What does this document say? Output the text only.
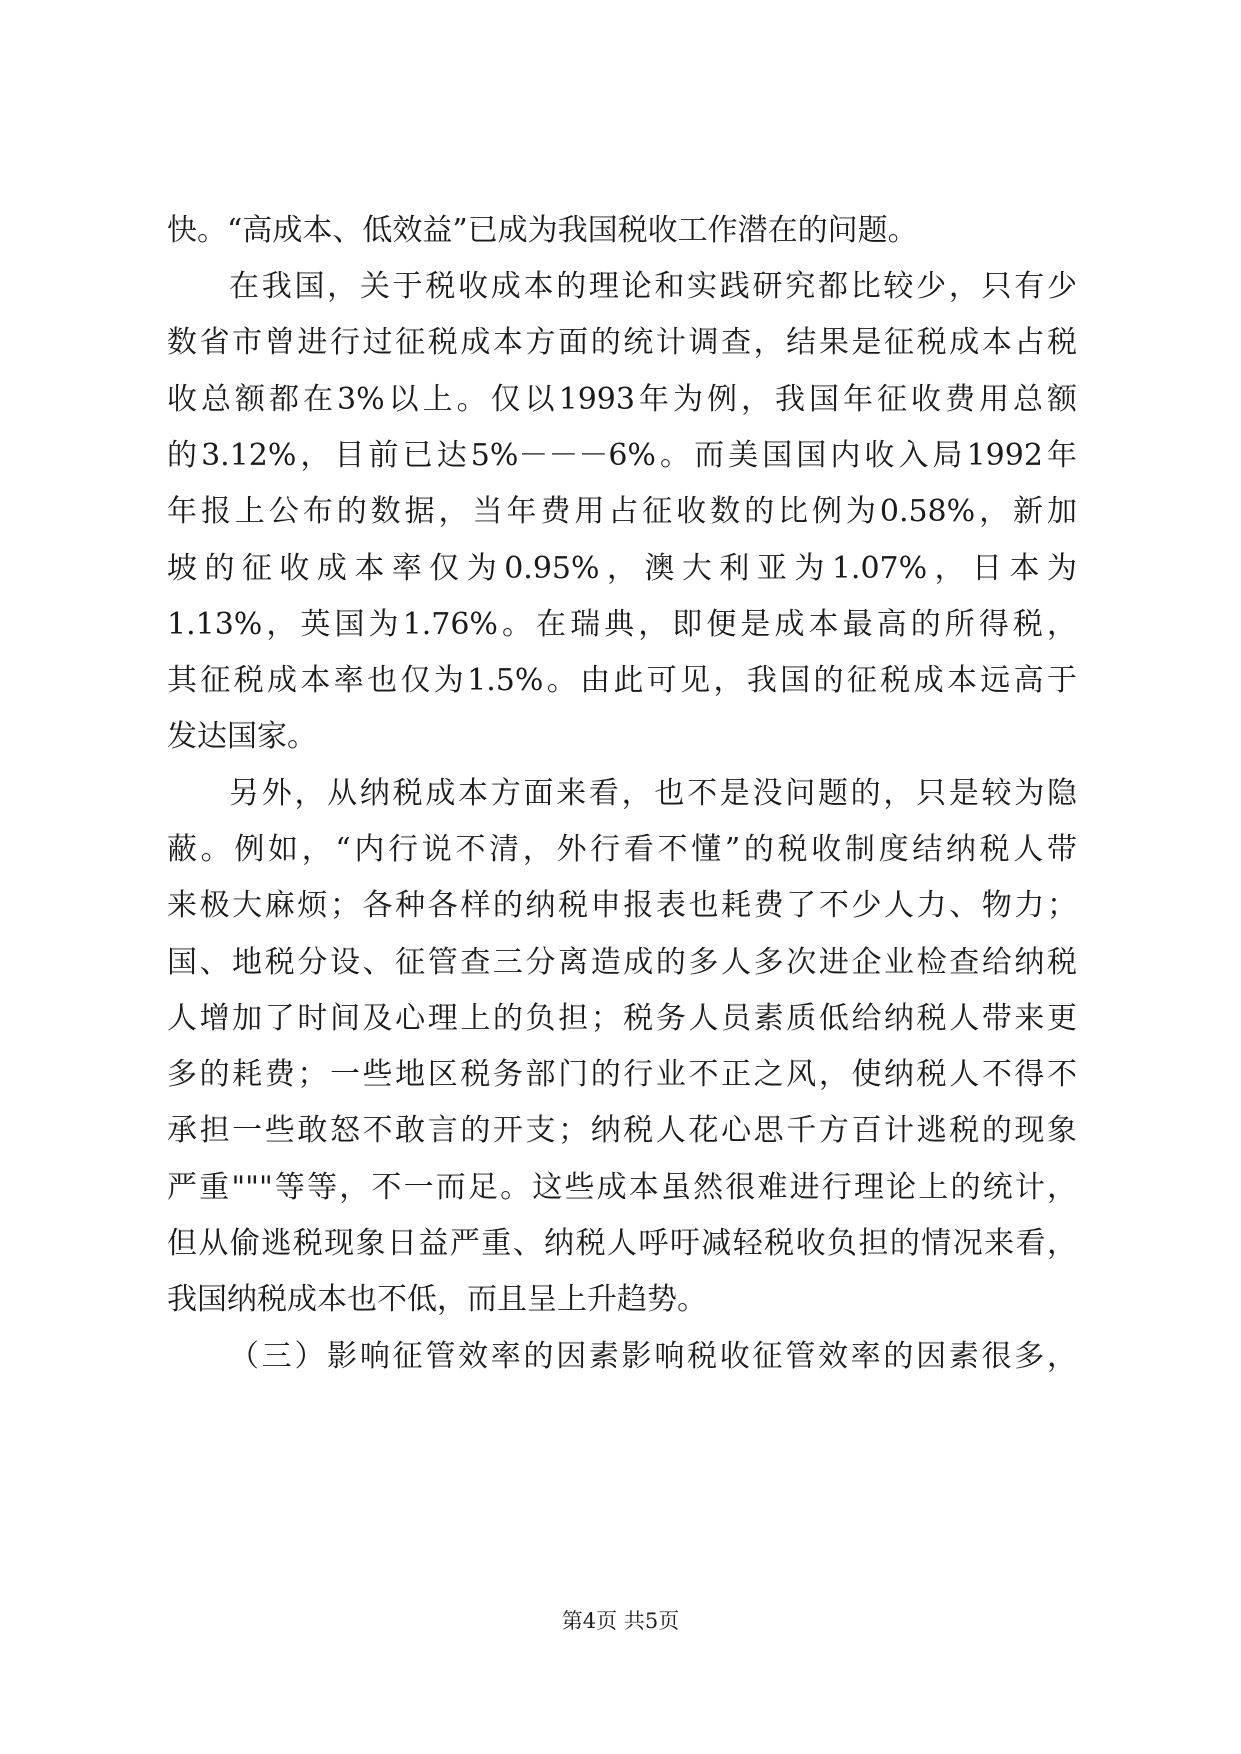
快。“高成本、低效益”已成为我国税收工作潜在的问题。
在我国，关于税收成本的理论和实践研究都比较少，只有少
数省市曾进行过征税成本方面的统计调查，结果是征税成本占税
收总额都在3%以上。仅以1993年为例，我国年征收费用总额
的3.12%，目前已达5%－－－6%。而美国国内收入局1992年
年报上公布的数据，当年费用占征收数的比例为0.58%，新加
坡的征收成本率仅为0.95%，澳大利亚为1.07%，日本为
1.13%，英国为1.76%。在瑞典，即便是成本最高的所得税，
其征税成本率也仅为1.5%。由此可见，我国的征税成本远高于
发达国家。
另外，从纳税成本方面来看，也不是没问题的，只是较为隐
蔽。例如，“内行说不清，外行看不懂”的税收制度结纳税人带
来极大麻烦；各种各样的纳税申报表也耗费了不少人力、物力；
国、地税分设、征管查三分离造成的多人多次进企业检查给纳税
人增加了时间及心理上的负担；税务人员素质低给纳税人带来更
多的耗费；一些地区税务部门的行业不正之风，使纳税人不得不
承担一些敢怒不敢言的开支；纳税人花心思千方百计逃税的现象
严重"""等等，不一而足。这些成本虽然很难进行理论上的统计，
但从偷逃税现象日益严重、纳税人呼吁减轻税收负担的情况来看，
我国纳税成本也不低，而且呈上升趋势。
（三）影响征管效率的因素影响税收征管效率的因素很多，
第4页 共5页
